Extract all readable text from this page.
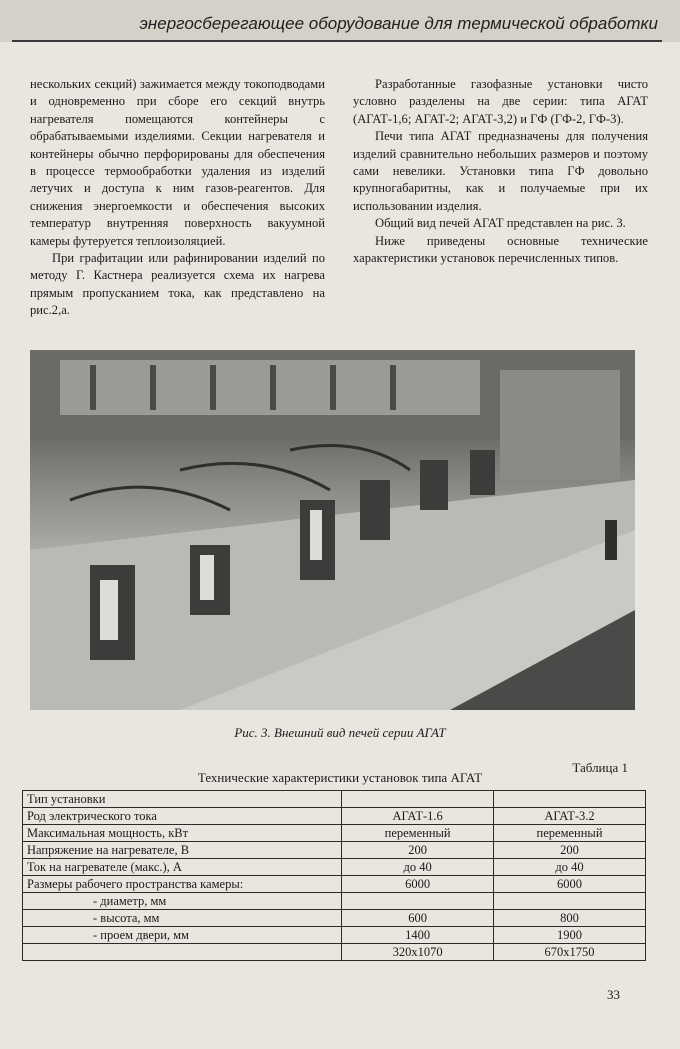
энергосберегающее оборудование для термической обработки

нескольких секций) зажимается между токоподводами и одновременно при сборе его секций внутрь нагревателя помещаются контейнеры с обрабатываемыми изделиями. Секции нагревателя и контейнеры обычно перфорированы для обеспечения в процессе термообработки удаления из изделий летучих и доступа к ним газов-реагентов. Для снижения энергоемкости и обеспечения высоких температур внутренняя поверхность вакуумной камеры футеруется теплоизоляцией.

При графитации или рафинировании изделий по методу Г. Кастнера реализуется схема их нагрева прямым пропусканием тока, как представлено на рис.2,а.

Разработанные газофазные установки чисто условно разделены на две серии: типа АГАТ (АГАТ-1,6; АГАТ-2; АГАТ-3,2) и ГФ (ГФ-2, ГФ-3).

Печи типа АГАТ предназначены для получения изделий сравнительно небольших размеров и поэтому сами невелики. Установки типа ГФ довольно крупногабаритны, как и получаемые при их использовании изделия.

Общий вид печей АГАТ представлен на рис. 3.

Ниже приведены основные технические характеристики установок перечисленных типов.

Рис. 3. Внешний вид печей серии АГАТ
Таблица 1
Технические характеристики установок типа АГАТ
Тип установки		
Род электрического тока	АГАТ-1.6	АГАТ-3.2
Максимальная мощность, кВт	переменный	переменный
Напряжение на нагревателе, В	200	200
Ток на нагревателе (макс.), А	до 40	до 40
Размеры рабочего пространства камеры:	6000	6000
- диаметр, мм		
- высота, мм	600	800
- проем двери, мм	1400	1900
	320х1070	670х1750
33
